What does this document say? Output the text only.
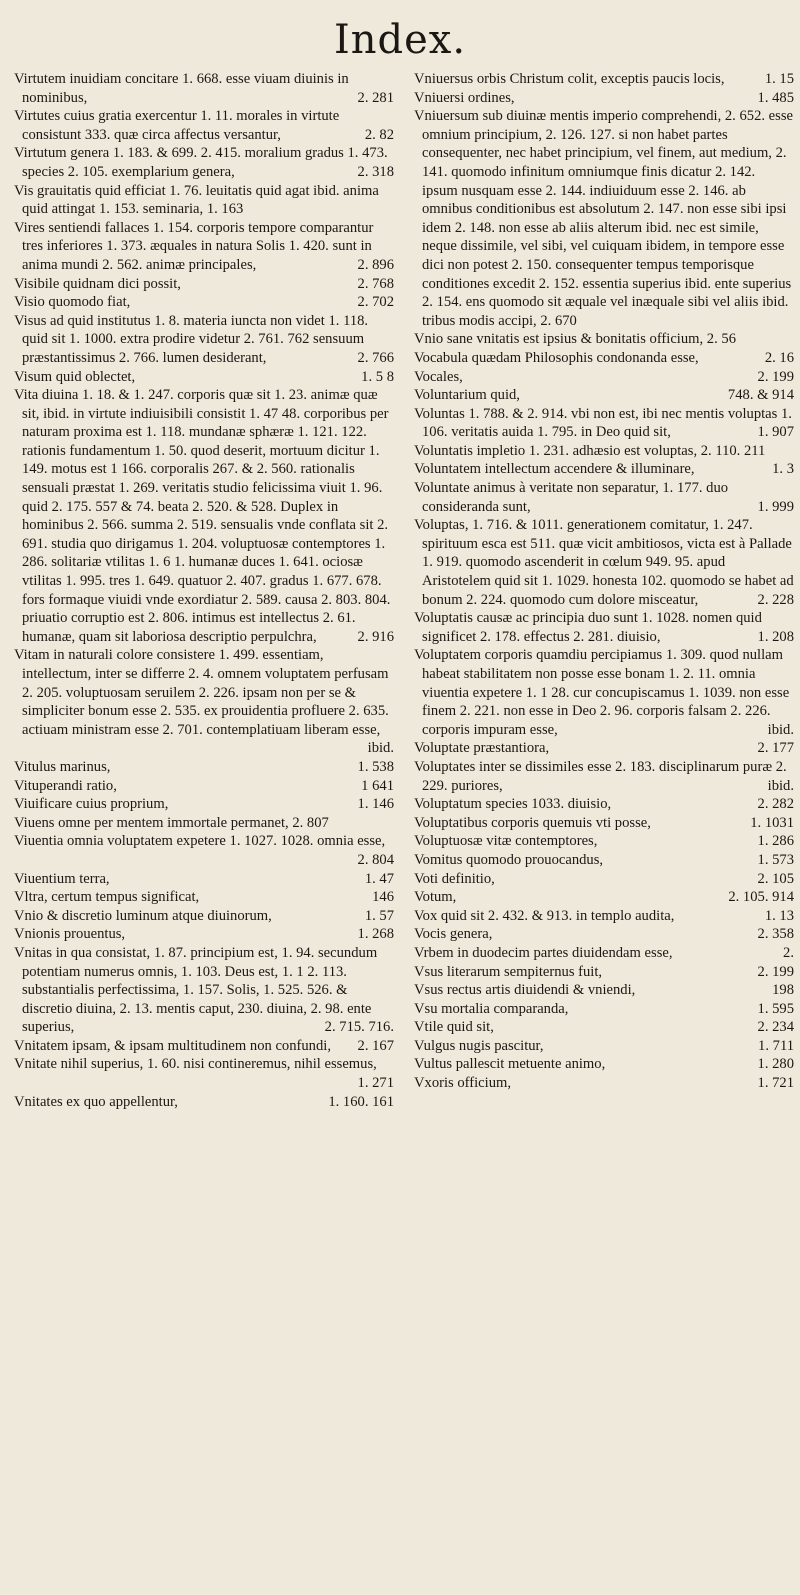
Index.

Virtutem inuidiam concitare 1. 668. esse viuam diuinis in nominibus,	2. 281

Virtutes cuius gratia exercentur 1. 11. morales in virtute consistunt 333. quæ circa affectus versantur,	2. 82

Virtutum genera 1. 183. & 699. 2. 415. moralium gradus 1. 473. species 2. 105. exemplarium genera,	2. 318

Vis grauitatis quid efficiat 1. 76. leuitatis quid agat ibid. anima quid attingat 1. 153. seminaria, 1. 163

Vires sentiendi fallaces 1. 154. corporis tempore comparantur tres inferiores 1. 373. æquales in natura Solis 1. 420. sunt in anima mundi 2. 562. animæ principales,	2. 896

Visibile quidnam dici possit,	2. 768

Visio quomodo fiat,	2. 702

Visus ad quid institutus 1. 8. materia iuncta non videt 1. 118. quid sit 1. 1000. extra prodire videtur 2. 761. 762 sensuum præstantissimus 2. 766. lumen desiderant,	2. 766

Visum quid oblectet,	1. 5 8

Vita diuina 1. 18. & 1. 247. corporis quæ sit 1. 23. animæ quæ sit, ibid. in virtute indiuisibili consistit 1. 47 48. corporibus per naturam proxima est 1. 118. mundanæ sphæræ 1. 121. 122. rationis fundamentum 1. 50. quod deserit, mortuum dicitur 1. 149. motus est 1 166. corporalis 267. & 2. 560. rationalis sensuali præstat 1. 269. veritatis studio felicissima viuit 1. 96. quid 2. 175. 557 & 74. beata 2. 520. & 528. Duplex in hominibus 2. 566. summa 2. 519. sensualis vnde conflata sit 2. 691. studia quo dirigamus 1. 204. voluptuosæ contemptores 1. 286. solitariæ vtilitas 1. 6 1. humanæ duces 1. 641. ociosæ vtilitas 1. 995. tres 1. 649. quatuor 2. 407. gradus 1. 677. 678. fors formaque viuidi vnde exordiatur 2. 589. causa 2. 803. 804. priuatio corruptio est 2. 806. intimus est intellectus 2. 61. humanæ, quam sit laboriosa descriptio perpulchra,	2. 916

Vitam in naturali colore consistere 1. 499. essentiam, intellectum, inter se differre 2. 4. omnem voluptatem perfusam 2. 205. voluptuosam seruilem 2. 226. ipsam non per se & simpliciter bonum esse 2. 535. ex prouidentia profluere 2. 635. actiuam ministram esse 2. 701. contemplatiuam liberam esse,
ibid.

Vitulus marinus,	1. 538

Vituperandi ratio,	1 641

Viuificare cuius proprium,	1. 146

Viuens omne per mentem immortale permanet, 2. 807

Viuentia omnia voluptatem expetere 1. 1027. 1028. omnia esse,
2. 804

Viuentium terra,	1. 47

Vltra, certum tempus significat,	146

Vnio & discretio luminum atque diuinorum,	1. 57

Vnionis prouentus,	1. 268

Vnitas in qua consistat, 1. 87. principium est, 1. 94. secundum potentiam numerus omnis, 1. 103. Deus est, 1. 1 2. 113. substantialis perfectissima, 1. 157. Solis, 1. 525. 526. & discretio diuina, 2. 13. mentis caput, 230. diuina, 2. 98. ente superius,	2. 715. 716.

Vnitatem ipsam, & ipsam multitudinem non confundi,	2. 167

Vnitate nihil superius, 1. 60. nisi contineremus, nihil essemus,
1. 271

Vnitates ex quo appellentur,	1. 160. 161

Vniuersus orbis Christum colit, exceptis paucis locis,	1. 15

Vniuersi ordines,	1. 485

Vniuersum sub diuinæ mentis imperio comprehendi, 2. 652. esse omnium principium, 2. 126. 127. si non habet partes consequenter, nec habet principium, vel finem, aut medium, 2. 141. quomodo infinitum omniumque finis dicatur 2. 142. ipsum nusquam esse 2. 144. indiuiduum esse 2. 146. ab omnibus conditionibus est absolutum 2. 147. non esse sibi ipsi idem 2. 148. non esse ab aliis alterum ibid. nec est simile, neque dissimile, vel sibi, vel cuiquam ibidem, in tempore esse dici non potest 2. 150. consequenter tempus temporisque conditiones excedit 2. 152. essentia superius ibid. ente superius 2. 154. ens quomodo sit æquale vel inæquale sibi vel aliis ibid. tribus modis accipi, 2. 670

Vnio sane vnitatis est ipsius & bonitatis officium, 2. 56

Vocabula quædam Philosophis condonanda esse,	2. 16

Vocales,	2. 199

Voluntarium quid,	748. & 914

Voluntas 1. 788. & 2. 914. vbi non est, ibi nec mentis voluptas 1. 106. veritatis auida 1. 795. in Deo quid sit,	1. 907

Voluntatis impletio 1. 231. adhæsio est voluptas, 2. 110. 211

Voluntatem intellectum accendere & illuminare,	1. 3

Voluntate animus à veritate non separatur, 1. 177. duo consideranda sunt,	1. 999

Voluptas, 1. 716. & 1011. generationem comitatur, 1. 247. spirituum esca est 511. quæ vicit ambitiosos, victa est à Pallade 1. 919. quomodo ascenderit in cœlum 949. 95. apud Aristotelem quid sit 1. 1029. honesta 102. quomodo se habet ad bonum 2. 224. quomodo cum dolore misceatur,	2. 228

Voluptatis causæ ac principia duo sunt 1. 1028. nomen quid significet 2. 178. effectus 2. 281. diuisio,	1. 208

Voluptatem corporis quamdiu percipiamus 1. 309. quod nullam habeat stabilitatem non posse esse bonam 1. 2. 11. omnia viuentia expetere 1. 1 28. cur concupiscamus 1. 1039. non esse finem 2. 221. non esse in Deo 2. 96. corporis falsam 2. 226. corporis impuram esse,	ibid.

Voluptate præstantiora,	2. 177

Voluptates inter se dissimiles esse 2. 183. disciplinarum puræ 2. 229. puriores,	ibid.

Voluptatum species 1033. diuisio,	2. 282

Voluptatibus corporis quemuis vti posse,	1. 1031

Voluptuosæ vitæ contemptores,	1. 286

Vomitus quomodo prouocandus,	1. 573

Voti definitio,	2. 105

Votum,	2. 105. 914

Vox quid sit 2. 432. & 913. in templo audita,	1. 13

Vocis genera,	2. 358

Vrbem in duodecim partes diuidendam esse,	2.

Vsus literarum sempiternus fuit,	2. 199

Vsus rectus artis diuidendi & vniendi,	198

Vsu mortalia comparanda,	1. 595

Vtile quid sit,	2. 234

Vulgus nugis pascitur,	1. 711

Vultus pallescit metuente animo,	1. 280

Vxoris officium,	1. 721
